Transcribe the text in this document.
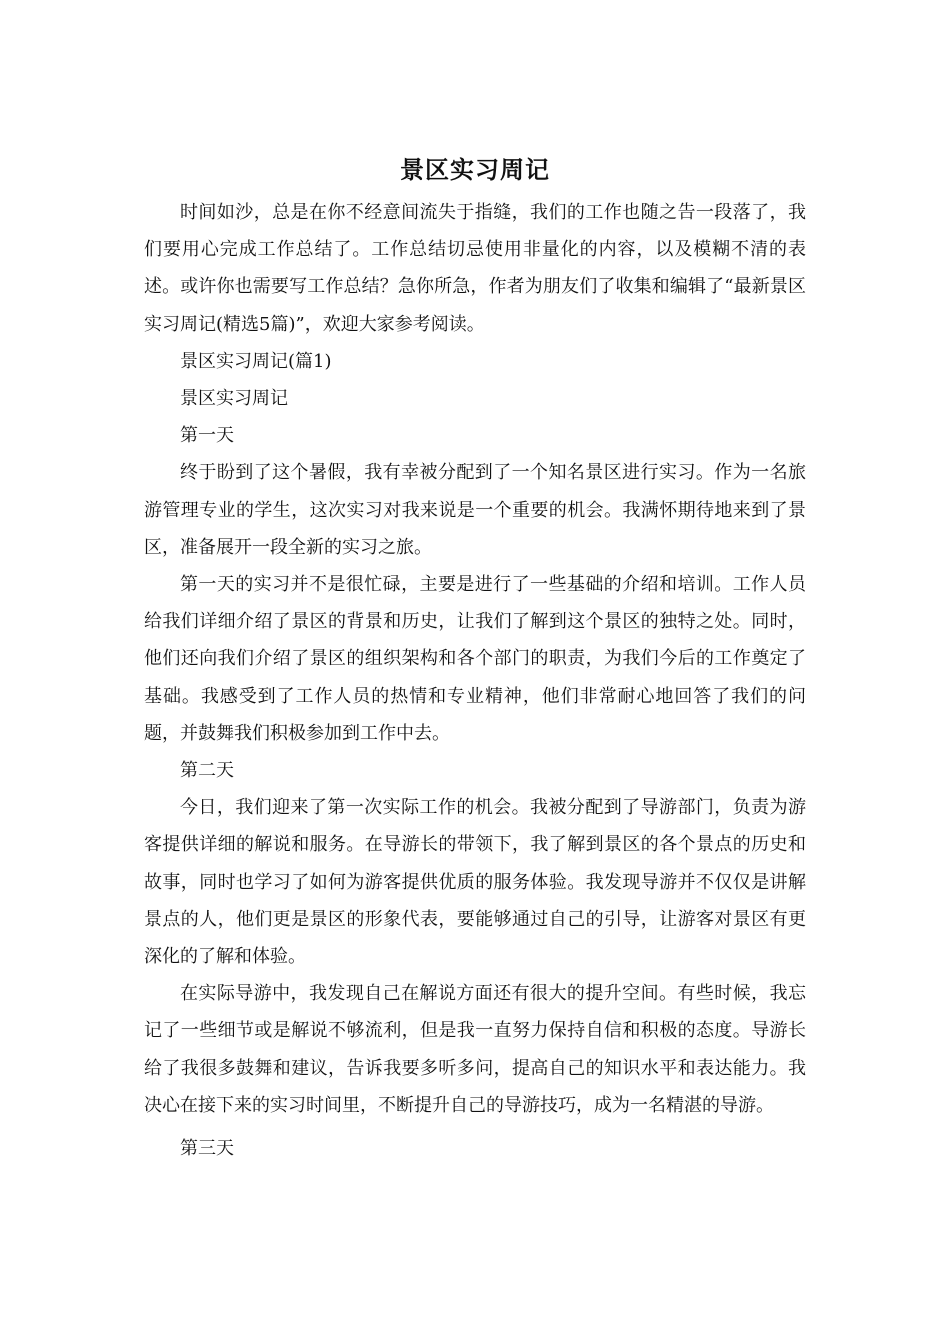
景区实习周记

时间如沙，总是在你不经意间流失于指缝，我们的工作也随之告一段落了，我们要用心完成工作总结了。工作总结切忌使用非量化的内容，以及模糊不清的表述。或许你也需要写工作总结？急你所急，作者为朋友们了收集和编辑了“最新景区实习周记(精选5篇)”，欢迎大家参考阅读。

景区实习周记(篇1)

景区实习周记

第一天

终于盼到了这个暑假，我有幸被分配到了一个知名景区进行实习。作为一名旅游管理专业的学生，这次实习对我来说是一个重要的机会。我满怀期待地来到了景区，准备展开一段全新的实习之旅。

第一天的实习并不是很忙碌，主要是进行了一些基础的介绍和培训。工作人员给我们详细介绍了景区的背景和历史，让我们了解到这个景区的独特之处。同时，他们还向我们介绍了景区的组织架构和各个部门的职责，为我们今后的工作奠定了基础。我感受到了工作人员的热情和专业精神，他们非常耐心地回答了我们的问题，并鼓舞我们积极参加到工作中去。

第二天

今日，我们迎来了第一次实际工作的机会。我被分配到了导游部门，负责为游客提供详细的解说和服务。在导游长的带领下，我了解到景区的各个景点的历史和故事，同时也学习了如何为游客提供优质的服务体验。我发现导游并不仅仅是讲解景点的人，他们更是景区的形象代表，要能够通过自己的引导，让游客对景区有更深化的了解和体验。

在实际导游中，我发现自己在解说方面还有很大的提升空间。有些时候，我忘记了一些细节或是解说不够流利，但是我一直努力保持自信和积极的态度。导游长给了我很多鼓舞和建议，告诉我要多听多问，提高自己的知识水平和表达能力。我决心在接下来的实习时间里，不断提升自己的导游技巧，成为一名精湛的导游。

第三天
